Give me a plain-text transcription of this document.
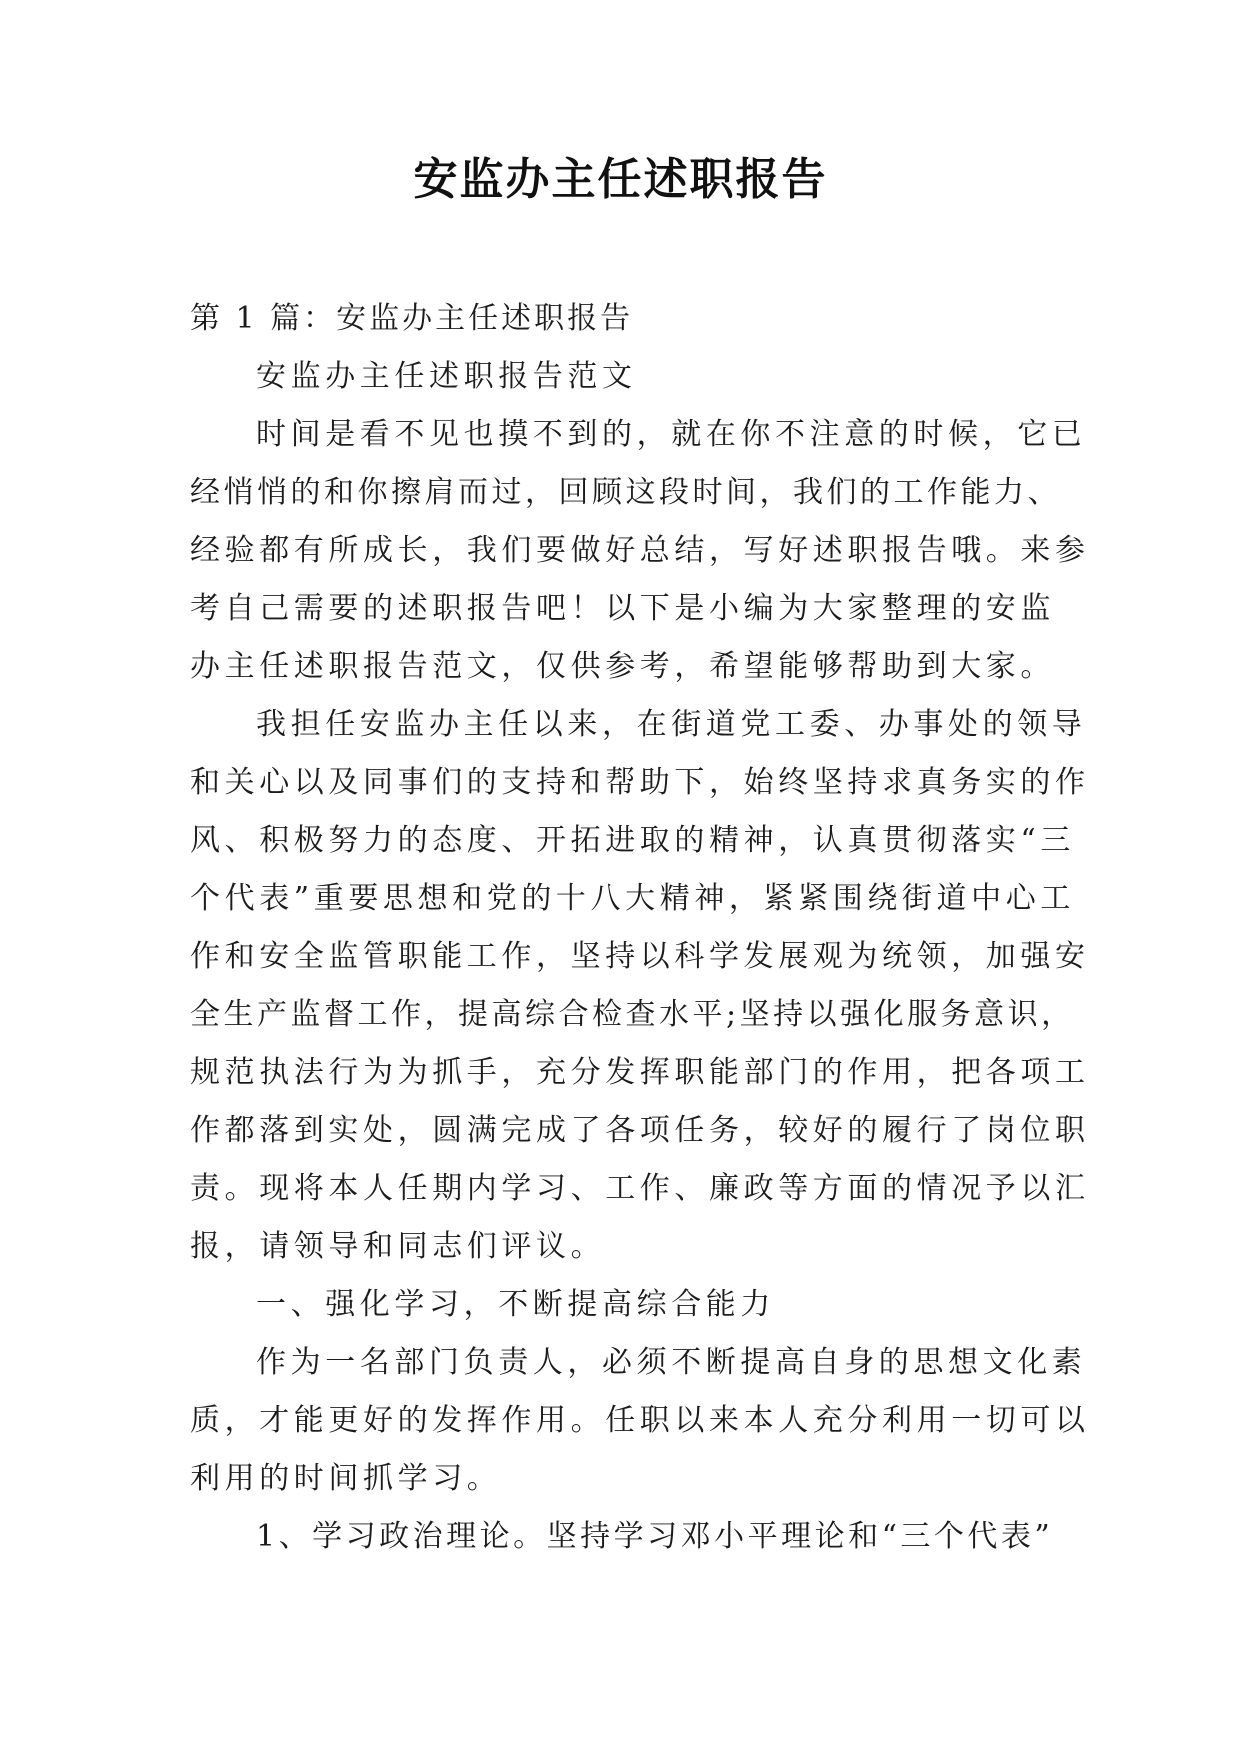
安监办主任述职报告
第 1 篇：安监办主任述职报告
安监办主任述职报告范文
时间是看不见也摸不到的，就在你不注意的时候，它已
经悄悄的和你擦肩而过，回顾这段时间，我们的工作能力、
经验都有所成长，我们要做好总结，写好述职报告哦。来参
考自己需要的述职报告吧！以下是小编为大家整理的安监
办主任述职报告范文，仅供参考，希望能够帮助到大家。
我担任安监办主任以来，在街道党工委、办事处的领导
和关心以及同事们的支持和帮助下，始终坚持求真务实的作
风、积极努力的态度、开拓进取的精神，认真贯彻落实“三
个代表”重要思想和党的十八大精神，紧紧围绕街道中心工
作和安全监管职能工作，坚持以科学发展观为统领，加强安
全生产监督工作，提高综合检查水平;坚持以强化服务意识，
规范执法行为为抓手，充分发挥职能部门的作用，把各项工
作都落到实处，圆满完成了各项任务，较好的履行了岗位职
责。现将本人任期内学习、工作、廉政等方面的情况予以汇
报，请领导和同志们评议。
一、强化学习，不断提高综合能力
作为一名部门负责人，必须不断提高自身的思想文化素
质，才能更好的发挥作用。任职以来本人充分利用一切可以
利用的时间抓学习。
1、学习政治理论。坚持学习邓小平理论和“三个代表”
